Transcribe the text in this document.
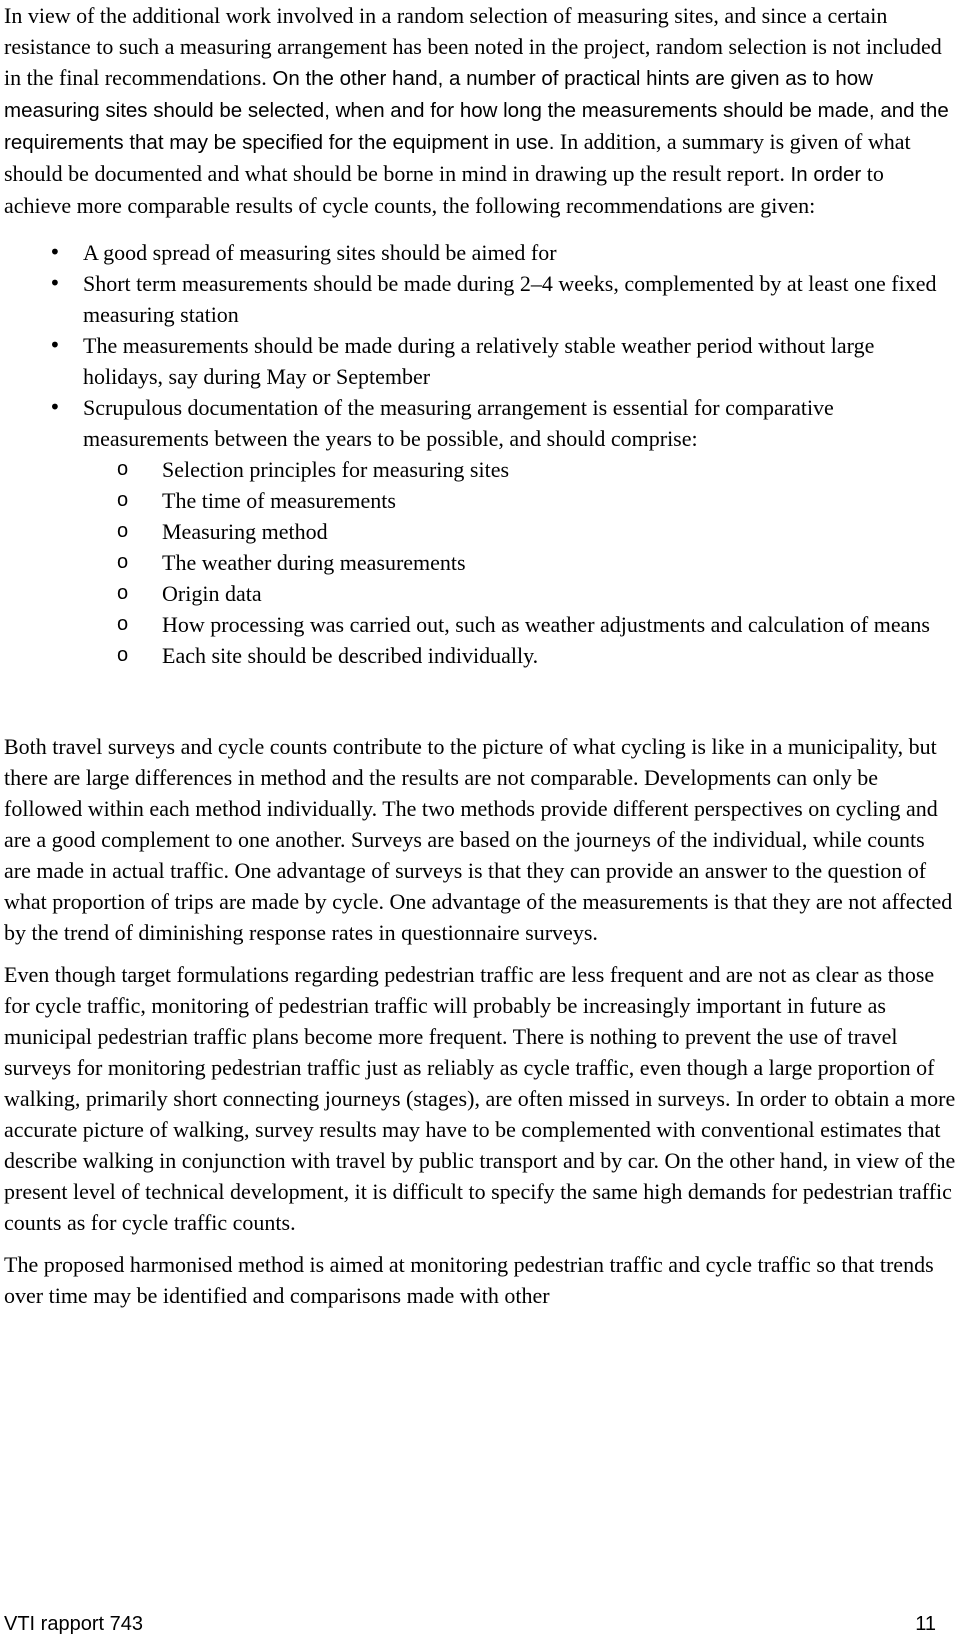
In view of the additional work involved in a random selection of measuring sites, and since a certain resistance to such a measuring arrangement has been noted in the project, random selection is not included in the final recommendations. On the other hand, a number of practical hints are given as to how measuring sites should be selected, when and for how long the measurements should be made, and the requirements that may be specified for the equipment in use. In addition, a summary is given of what should be documented and what should be borne in mind in drawing up the result report. In order to achieve more comparable results of cycle counts, the following recommendations are given:

• A good spread of measuring sites should be aimed for
• Short term measurements should be made during 2–4 weeks, complemented by at least one fixed measuring station
• The measurements should be made during a relatively stable weather period without large holidays, say during May or September
• Scrupulous documentation of the measuring arrangement is essential for comparative measurements between the years to be possible, and should comprise:
o Selection principles for measuring sites
o The time of measurements
o Measuring method
o The weather during measurements
o Origin data
o How processing was carried out, such as weather adjustments and calculation of means
o Each site should be described individually.

Both travel surveys and cycle counts contribute to the picture of what cycling is like in a municipality, but there are large differences in method and the results are not comparable. Developments can only be followed within each method individually. The two methods provide different perspectives on cycling and are a good complement to one another. Surveys are based on the journeys of the individual, while counts are made in actual traffic. One advantage of surveys is that they can provide an answer to the question of what proportion of trips are made by cycle. One advantage of the measurements is that they are not affected by the trend of diminishing response rates in questionnaire surveys.

Even though target formulations regarding pedestrian traffic are less frequent and are not as clear as those for cycle traffic, monitoring of pedestrian traffic will probably be increasingly important in future as municipal pedestrian traffic plans become more frequent. There is nothing to prevent the use of travel surveys for monitoring pedestrian traffic just as reliably as cycle traffic, even though a large proportion of walking, primarily short connecting journeys (stages), are often missed in surveys. In order to obtain a more accurate picture of walking, survey results may have to be complemented with conventional estimates that describe walking in conjunction with travel by public transport and by car. On the other hand, in view of the present level of technical development, it is difficult to specify the same high demands for pedestrian traffic counts as for cycle traffic counts.

The proposed harmonised method is aimed at monitoring pedestrian traffic and cycle traffic so that trends over time may be identified and comparisons made with other

VTI rapport 743	11
